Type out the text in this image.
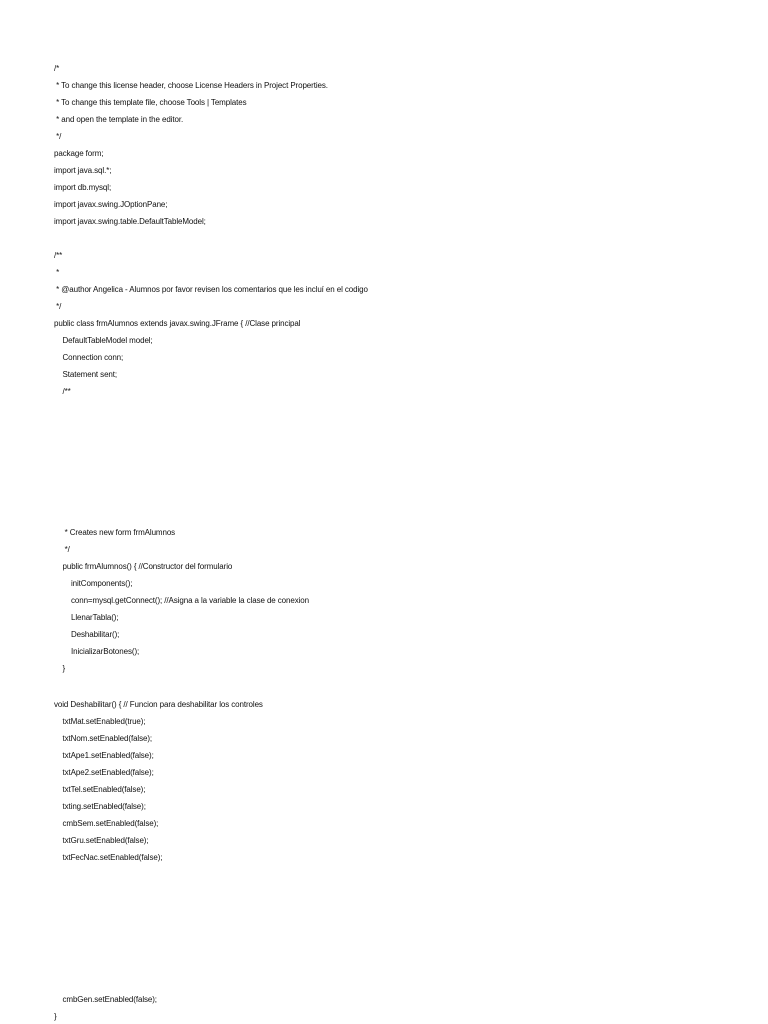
/*
* To change this license header, choose License Headers in Project Properties.
* To change this template file, choose Tools | Templates
* and open the template in the editor.
*/
package form;
import java.sql.*;
import db.mysql;
import javax.swing.JOptionPane;
import javax.swing.table.DefaultTableModel;
/**
*
* @author Angelica - Alumnos por favor revisen los comentarios que les incluí en el codigo
*/
public class frmAlumnos extends javax.swing.JFrame { //Clase principal
DefaultTableModel model;
Connection conn;
Statement sent;
/**
* Creates new form frmAlumnos
*/
public frmAlumnos() { //Constructor del formulario
initComponents();
conn=mysql.getConnect(); //Asigna a la variable la clase de conexion
LlenarTabla();
Deshabilitar();
InicializarBotones();
}
void Deshabilitar() { // Funcion para deshabilitar los controles
txtMat.setEnabled(true);
txtNom.setEnabled(false);
txtApe1.setEnabled(false);
txtApe2.setEnabled(false);
txtTel.setEnabled(false);
txting.setEnabled(false);
cmbSem.setEnabled(false);
txtGru.setEnabled(false);
txtFecNac.setEnabled(false);
cmbGen.setEnabled(false);
}
